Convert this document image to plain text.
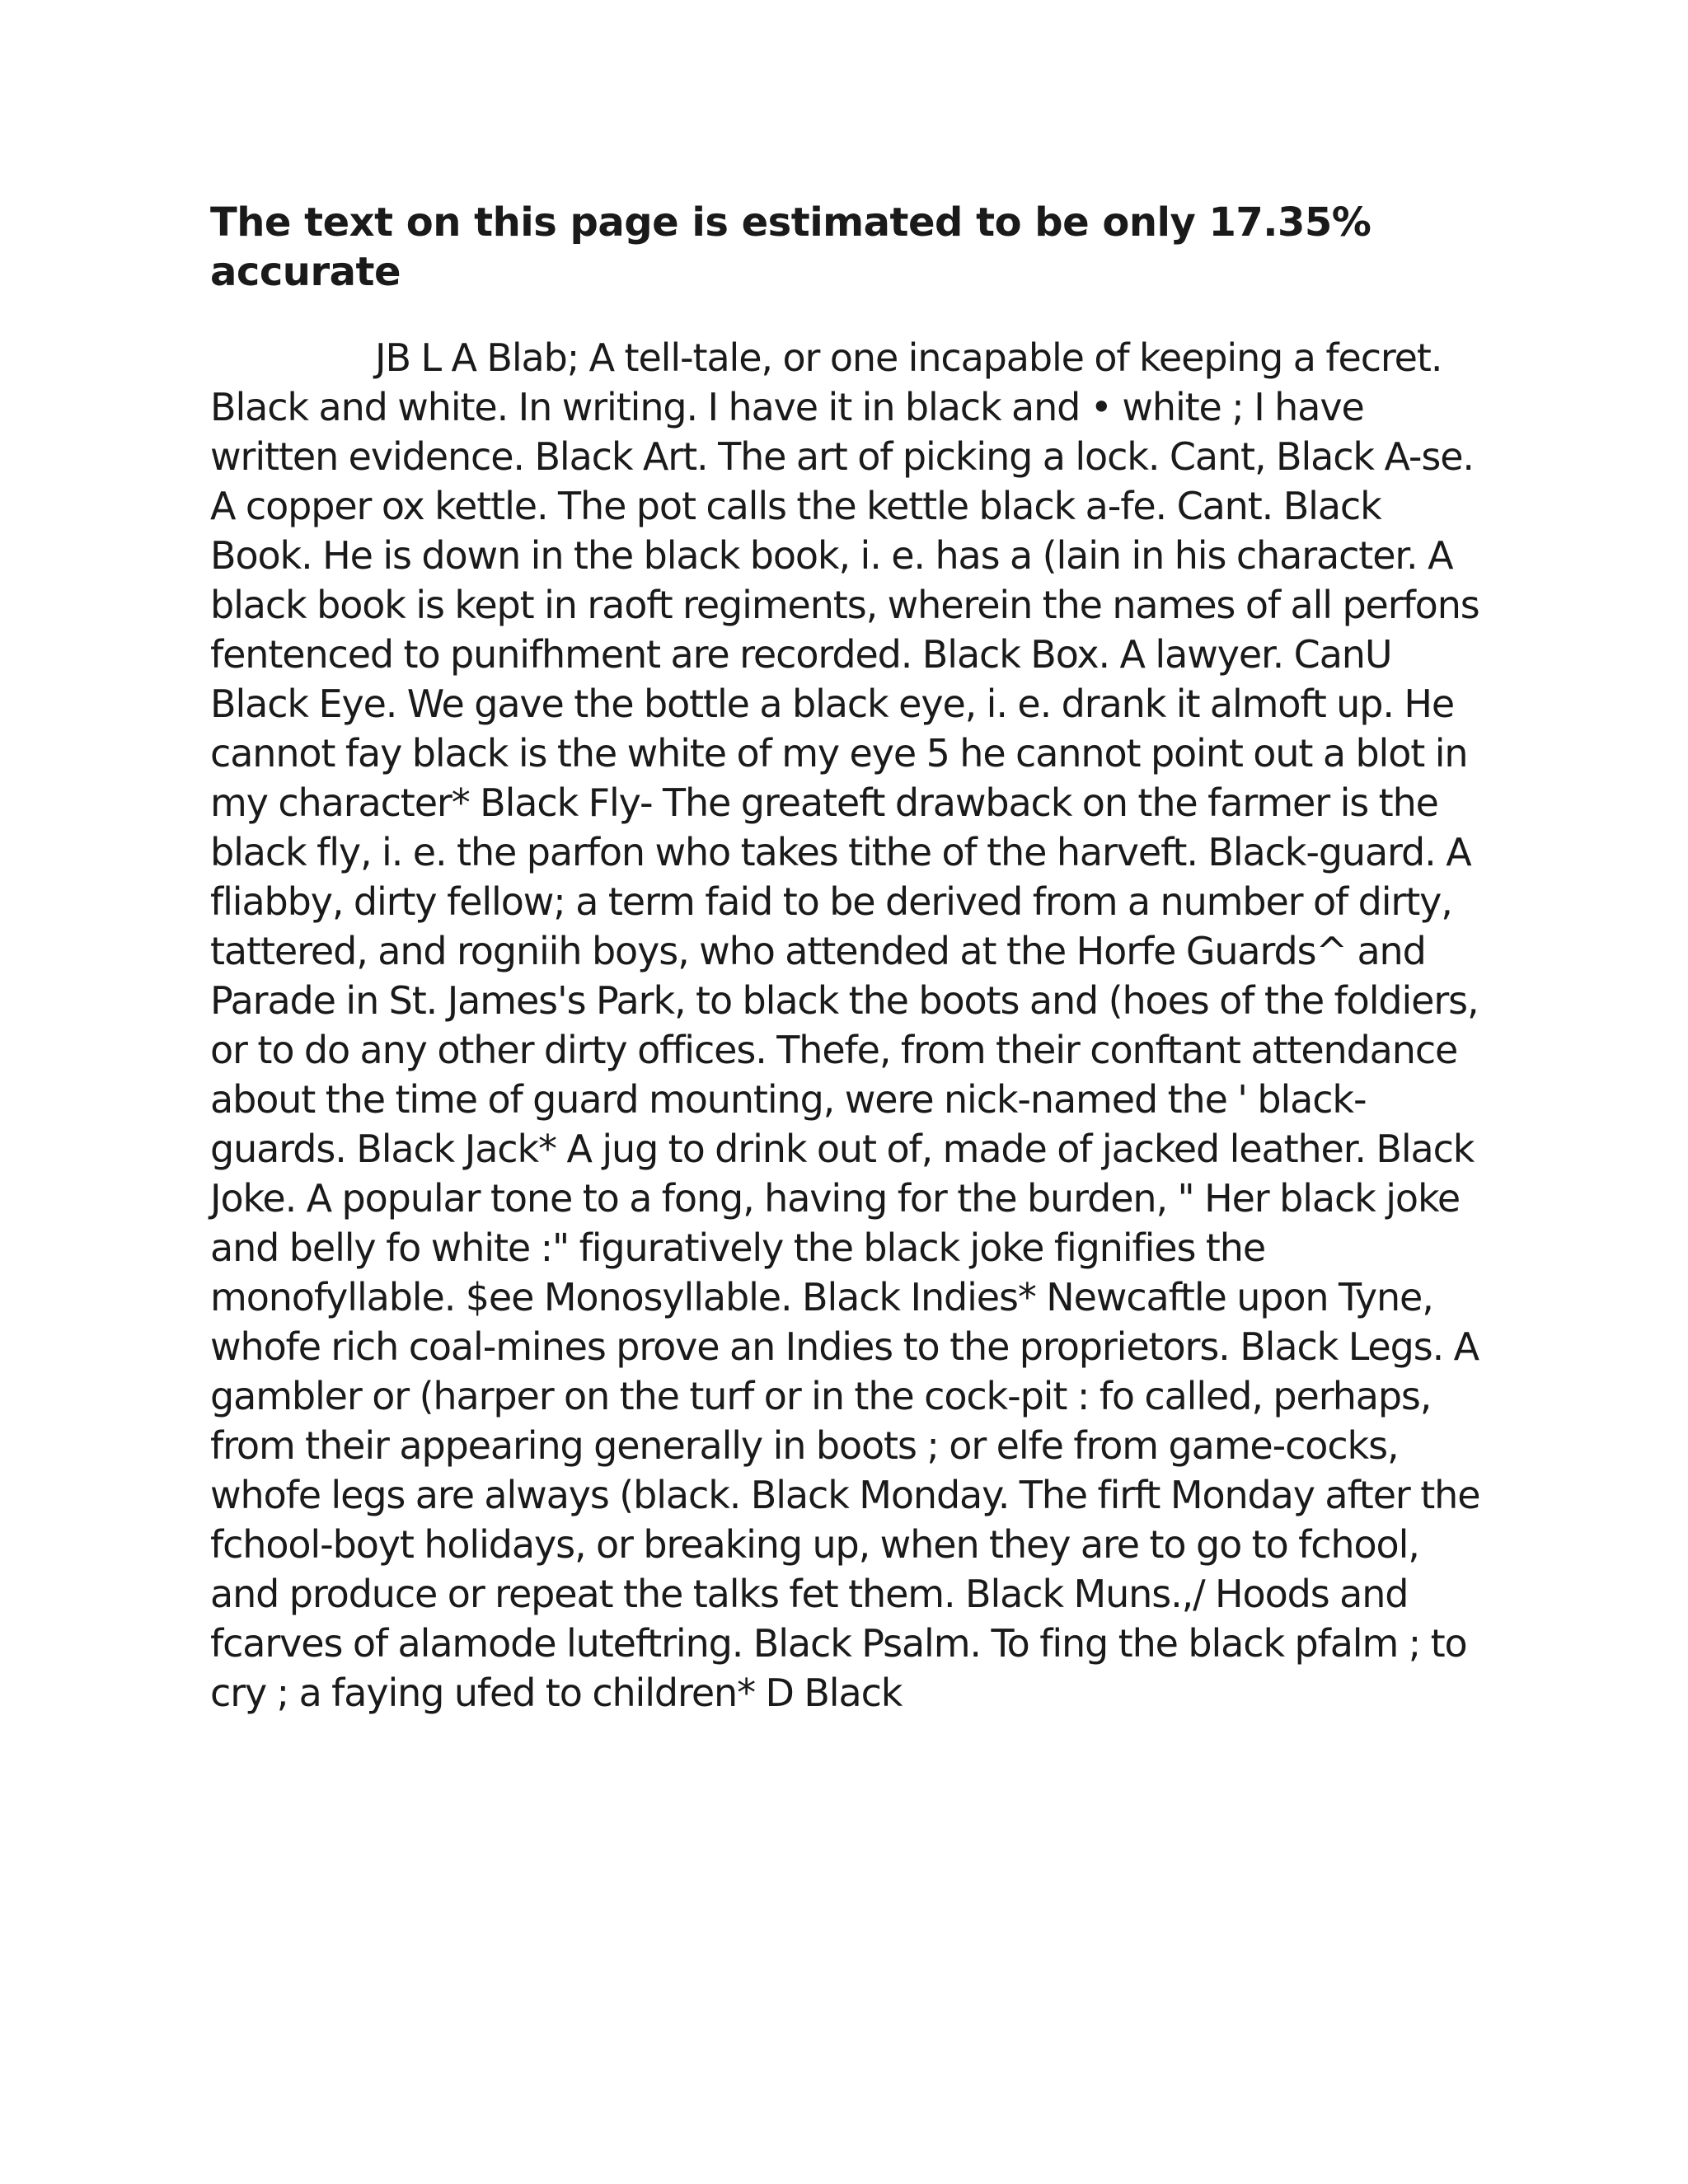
The text on this page is estimated to be only 17.35% accurate

JB L A Blab; A tell-tale, or one incapable of keeping a fecret. Black and white. In writing. I have it in black and • white ; I have written evidence. Black Art. The art of picking a lock. Cant, Black A-se. A copper ox kettle. The pot calls the kettle black a-fe. Cant. Black Book. He is down in the black book, i. e. has a (lain in his character. A black book is kept in raoft regiments, wherein the names of all perfons fentenced to punifhment are recorded. Black Box. A lawyer. CanU Black Eye. We gave the bottle a black eye, i. e. drank it almoft up. He cannot fay black is the white of my eye 5 he cannot point out a blot in my character* Black Fly- The greateft drawback on the farmer is the black fly, i. e. the parfon who takes tithe of the harveft. Black-guard. A fliabby, dirty fellow; a term faid to be derived from a number of dirty, tattered, and rogniih boys, who attended at the Horfe Guards^ and Parade in St. James's Park, to black the boots and (hoes of the foldiers, or to do any other dirty offices. Thefe, from their conftant attendance about the time of guard mounting, were nick-named the ' black-guards. Black Jack* A jug to drink out of, made of jacked leather. Black Joke. A popular tone to a fong, having for the burden, " Her black joke and belly fo white :" figuratively the black joke fignifies the monofyllable. $ee Monosyllable. Black Indies* Newcaftle upon Tyne, whofe rich coal-mines prove an Indies to the proprietors. Black Legs. A gambler or (harper on the turf or in the cock-pit : fo called, perhaps, from their appearing generally in boots ; or elfe from game-cocks, whofe legs are always (black. Black Monday. The firft Monday after the fchool-boyt holidays, or breaking up, when they are to go to fchool, and produce or repeat the talks fet them. Black Muns.,/ Hoods and fcarves of alamode luteftring. Black Psalm. To fing the black pfalm ; to cry ; a faying ufed to children* D Black
